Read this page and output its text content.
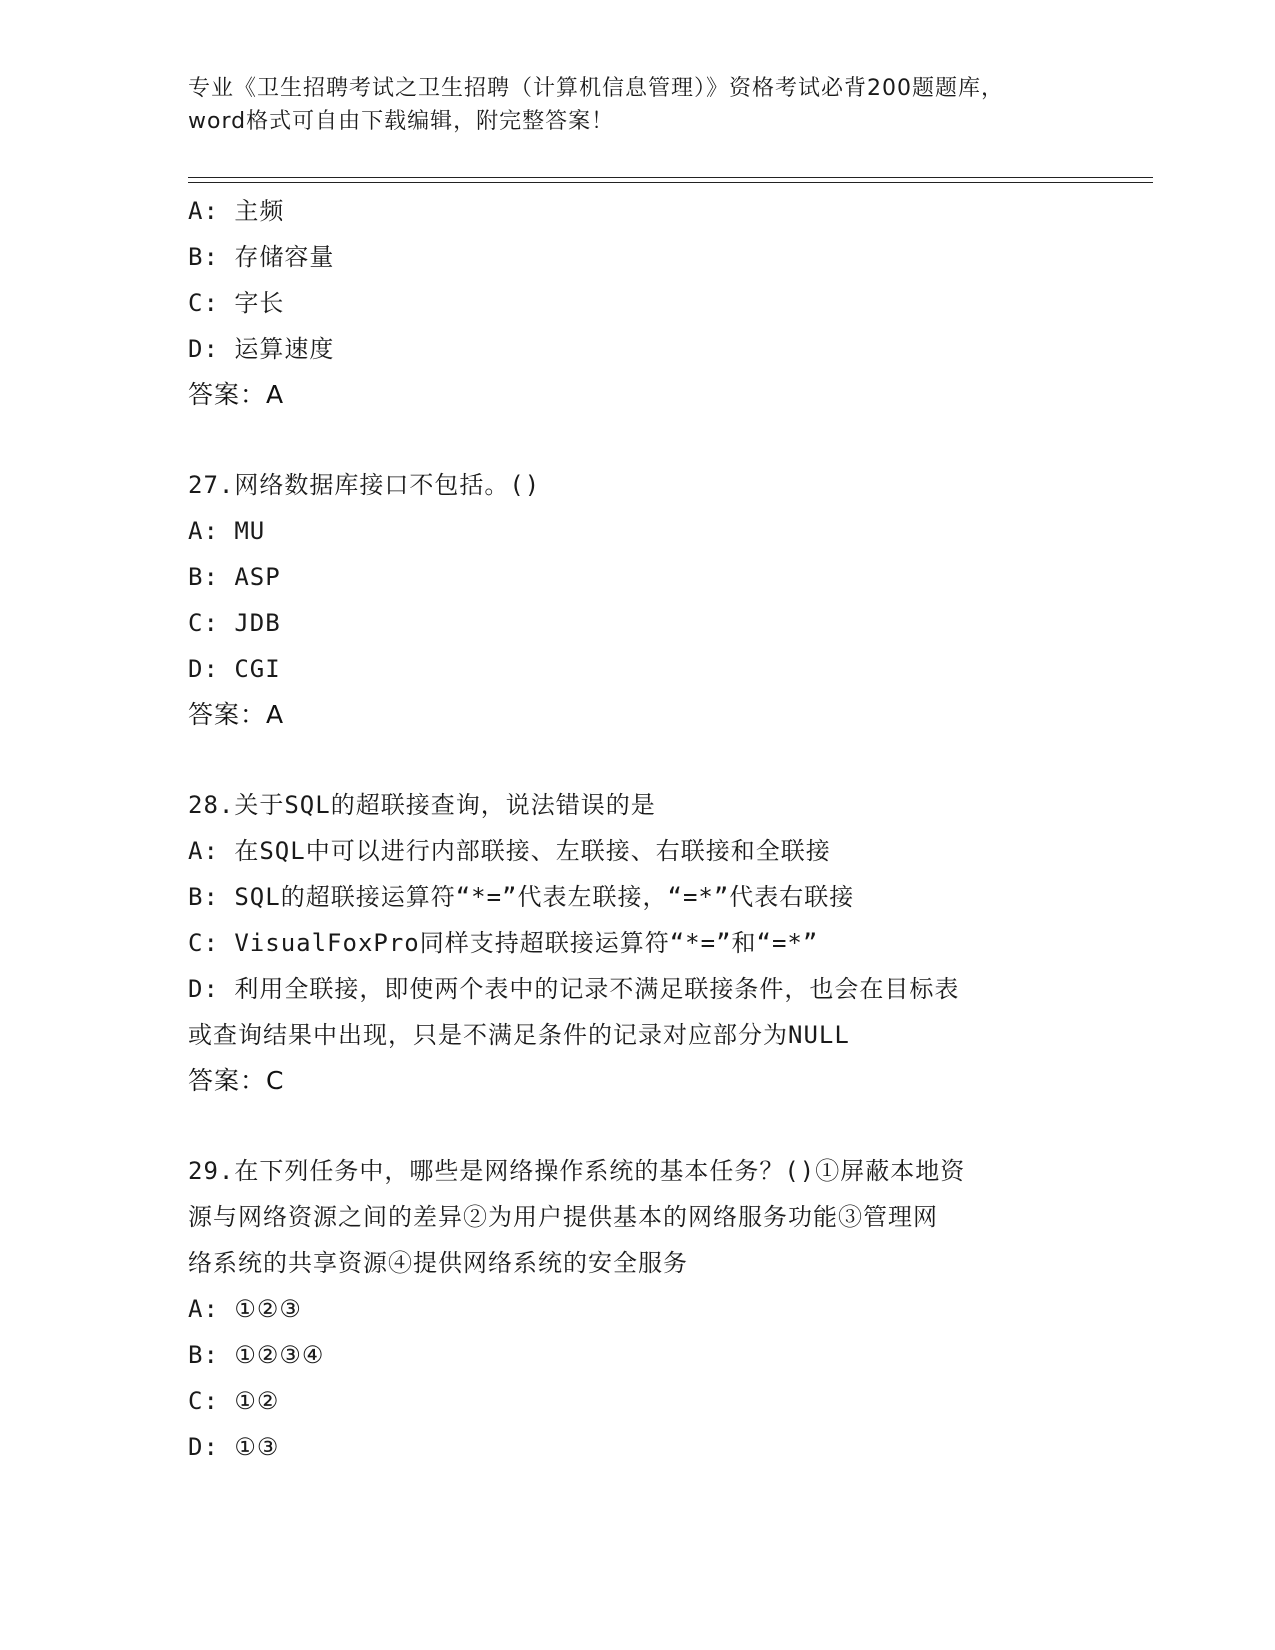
专业《卫生招聘考试之卫生招聘（计算机信息管理）》资格考试必背200题题库，
word格式可自由下载编辑，附完整答案！
A: 主频
B: 存储容量
C: 字长
D: 运算速度
答案：A
27.网络数据库接口不包括。()
A: MU
B: ASP
C: JDB
D: CGI
答案：A
28.关于SQL的超联接查询，说法错误的是
A: 在SQL中可以进行内部联接、左联接、右联接和全联接
B: SQL的超联接运算符“*=”代表左联接，“=*”代表右联接
C: VisualFoxPro同样支持超联接运算符“*=”和“=*”
D: 利用全联接，即使两个表中的记录不满足联接条件，也会在目标表
或查询结果中出现，只是不满足条件的记录对应部分为NULL
答案：C
29.在下列任务中，哪些是网络操作系统的基本任务？()①屏蔽本地资
源与网络资源之间的差异②为用户提供基本的网络服务功能③管理网
络系统的共享资源④提供网络系统的安全服务
A: ①②③
B: ①②③④
C: ①②
D: ①③
